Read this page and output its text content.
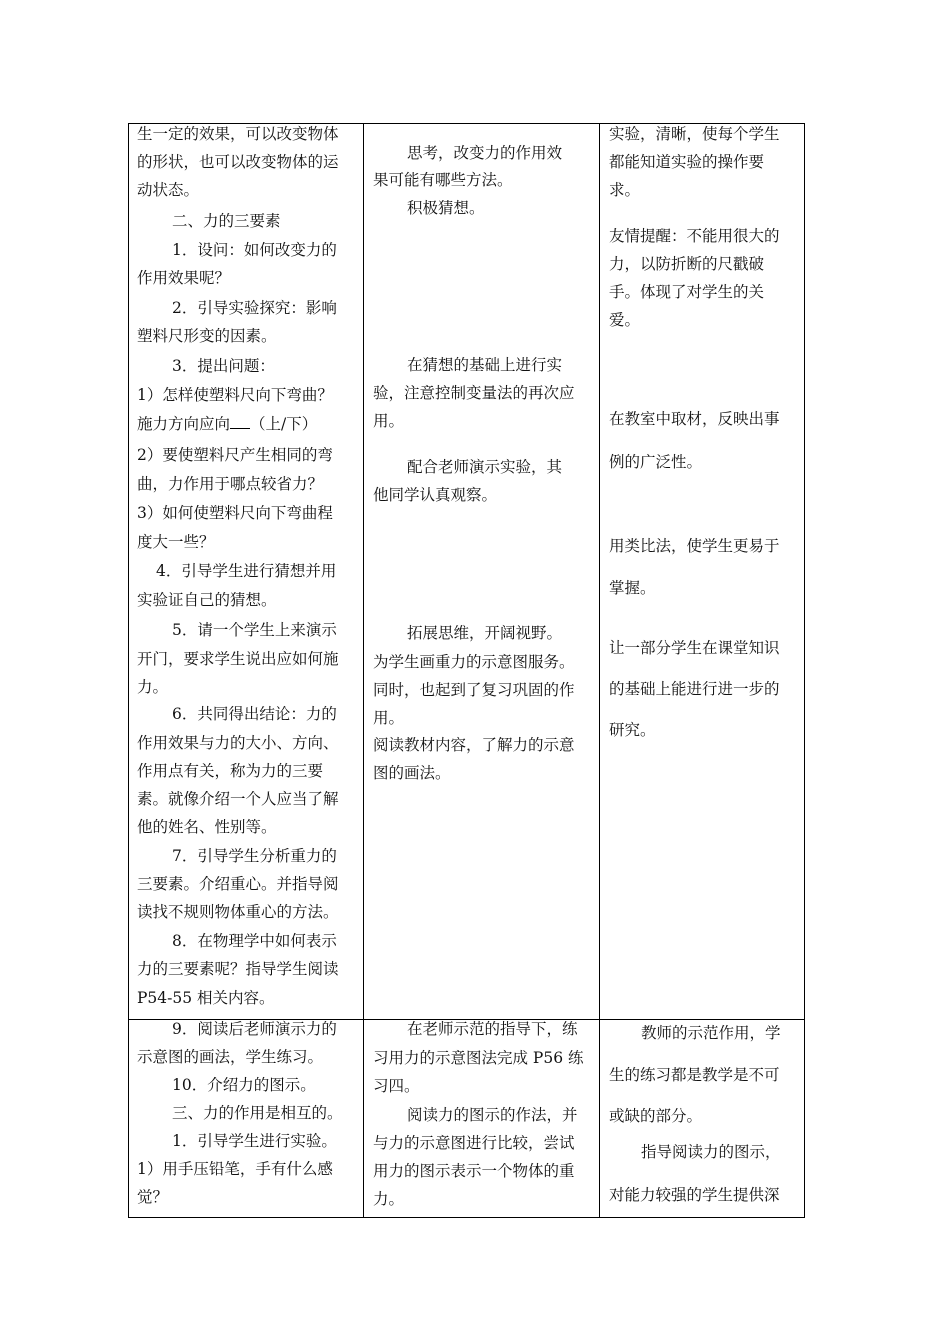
生一定的效果，可以改变物体

的形状，也可以改变物体的运

动状态。

二、力的三要素

1．设问：如何改变力的

作用效果呢？

2．引导实验探究：影响

塑料尺形变的因素。

3．提出问题：

1）怎样使塑料尺向下弯曲？

施力方向应向 （上/下）

2）要使塑料尺产生相同的弯

曲，力作用于哪点较省力？

3）如何使塑料尺向下弯曲程

度大一些？

4．引导学生进行猜想并用

实验证自己的猜想。

5．请一个学生上来演示

开门，要求学生说出应如何施

力。

6．共同得出结论：力的

作用效果与力的大小、方向、

作用点有关，称为力的三要

素。就像介绍一个人应当了解

他的姓名、性别等。

7．引导学生分析重力的

三要素。介绍重心。并指导阅

读找不规则物体重心的方法。

8．在物理学中如何表示

力的三要素呢？指导学生阅读

P54-55 相关内容。

思考，改变力的作用效

果可能有哪些方法。

积极猜想。

在猜想的基础上进行实

验，注意控制变量法的再次应

用。

配合老师演示实验，其

他同学认真观察。

拓展思维，开阔视野。

为学生画重力的示意图服务。

同时，也起到了复习巩固的作

用。

阅读教材内容，了解力的示意

图的画法。

实验，清晰，使每个学生

都能知道实验的操作要

求。

友情提醒：不能用很大的

力，以防折断的尺戳破

手。体现了对学生的关

爱。

在教室中取材，反映出事

例的广泛性。

用类比法，使学生更易于

掌握。

让一部分学生在课堂知识

的基础上能进行进一步的

研究。

9．阅读后老师演示力的

示意图的画法，学生练习。

10．介绍力的图示。

三、力的作用是相互的。

1．引导学生进行实验。

1）用手压铅笔，手有什么感

觉？

在老师示范的指导下，练

习用力的示意图法完成 P56 练

习四。

阅读力的图示的作法，并

与力的示意图进行比较，尝试

用力的图示表示一个物体的重

力。

教师的示范作用，学

生的练习都是教学是不可

或缺的部分。

指导阅读力的图示，

对能力较强的学生提供深
